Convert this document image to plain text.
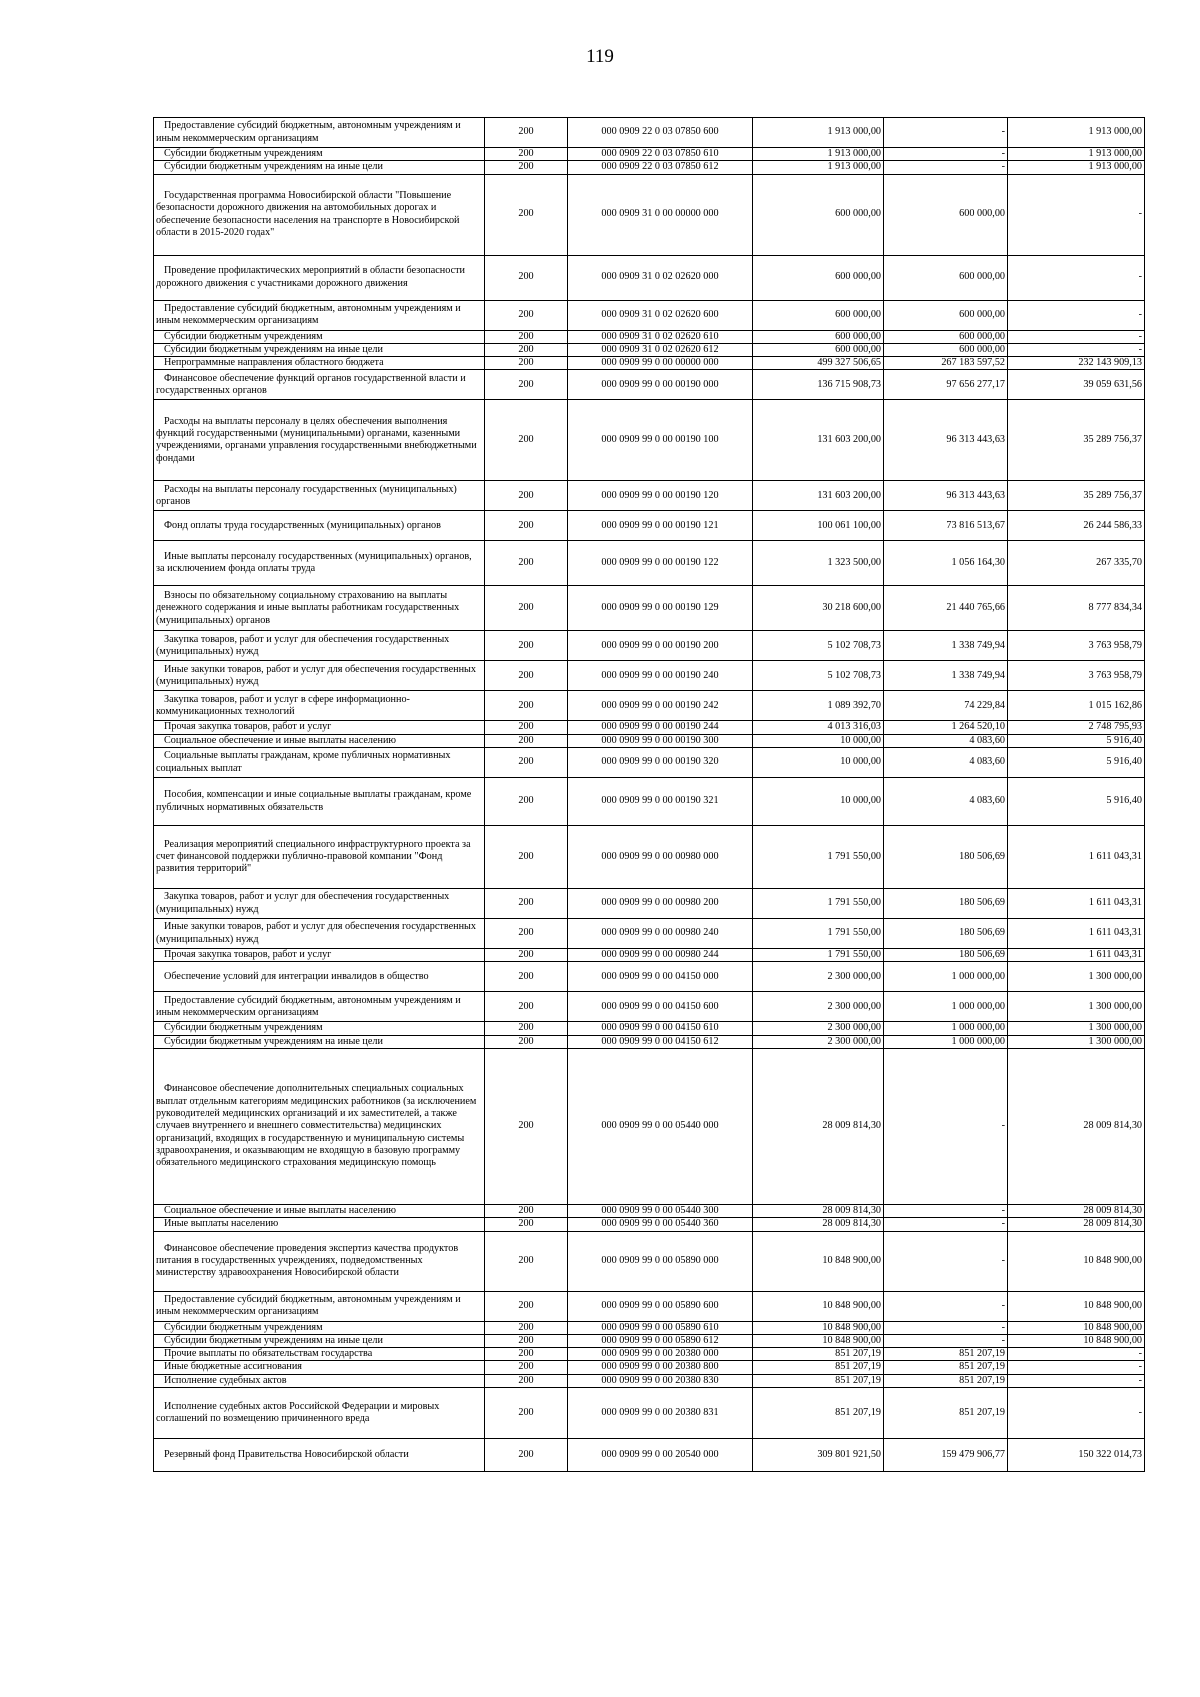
119
Предоставление субсидий бюджетным, автономным учреждениям и иным некоммерческим организациям	200	000 0909 22 0 03 07850 600	1 913 000,00	-	1 913 000,00
Субсидии бюджетным учреждениям	200	000 0909 22 0 03 07850 610	1 913 000,00	-	1 913 000,00
Субсидии бюджетным учреждениям на иные цели	200	000 0909 22 0 03 07850 612	1 913 000,00	-	1 913 000,00
Государственная программа Новосибирской области "Повышение безопасности дорожного движения на автомобильных дорогах и обеспечение безопасности населения на транспорте в Новосибирской области в 2015-2020 годах"	200	000 0909 31 0 00 00000 000	600 000,00	600 000,00	-
Проведение профилактических мероприятий в области безопасности дорожного движения с участниками дорожного движения	200	000 0909 31 0 02 02620 000	600 000,00	600 000,00	-
Предоставление субсидий бюджетным, автономным учреждениям и иным некоммерческим организациям	200	000 0909 31 0 02 02620 600	600 000,00	600 000,00	-
Субсидии бюджетным учреждениям	200	000 0909 31 0 02 02620 610	600 000,00	600 000,00	-
Субсидии бюджетным учреждениям на иные цели	200	000 0909 31 0 02 02620 612	600 000,00	600 000,00	-
Непрограммные направления областного бюджета	200	000 0909 99 0 00 00000 000	499 327 506,65	267 183 597,52	232 143 909,13
Финансовое обеспечение функций органов государственной власти и государственных органов	200	000 0909 99 0 00 00190 000	136 715 908,73	97 656 277,17	39 059 631,56
Расходы на выплаты персоналу в целях обеспечения выполнения функций государственными (муниципальными) органами, казенными учреждениями, органами управления государственными внебюджетными фондами	200	000 0909 99 0 00 00190 100	131 603 200,00	96 313 443,63	35 289 756,37
Расходы на выплаты персоналу государственных (муниципальных) органов	200	000 0909 99 0 00 00190 120	131 603 200,00	96 313 443,63	35 289 756,37
Фонд оплаты труда государственных (муниципальных) органов	200	000 0909 99 0 00 00190 121	100 061 100,00	73 816 513,67	26 244 586,33
Иные выплаты персоналу государственных (муниципальных) органов, за исключением фонда оплаты труда	200	000 0909 99 0 00 00190 122	1 323 500,00	1 056 164,30	267 335,70
Взносы по обязательному социальному страхованию на выплаты денежного содержания и иные выплаты работникам государственных (муниципальных) органов	200	000 0909 99 0 00 00190 129	30 218 600,00	21 440 765,66	8 777 834,34
Закупка товаров, работ и услуг для обеспечения государственных (муниципальных) нужд	200	000 0909 99 0 00 00190 200	5 102 708,73	1 338 749,94	3 763 958,79
Иные закупки товаров, работ и услуг для обеспечения государственных (муниципальных) нужд	200	000 0909 99 0 00 00190 240	5 102 708,73	1 338 749,94	3 763 958,79
Закупка товаров, работ и услуг в сфере информационно-коммуникационных технологий	200	000 0909 99 0 00 00190 242	1 089 392,70	74 229,84	1 015 162,86
Прочая закупка товаров, работ и услуг	200	000 0909 99 0 00 00190 244	4 013 316,03	1 264 520,10	2 748 795,93
Социальное обеспечение и иные выплаты населению	200	000 0909 99 0 00 00190 300	10 000,00	4 083,60	5 916,40
Социальные выплаты гражданам, кроме публичных нормативных социальных выплат	200	000 0909 99 0 00 00190 320	10 000,00	4 083,60	5 916,40
Пособия, компенсации и иные социальные выплаты гражданам, кроме публичных нормативных обязательств	200	000 0909 99 0 00 00190 321	10 000,00	4 083,60	5 916,40
Реализация мероприятий специального инфраструктурного проекта за счет финансовой поддержки публично-правовой компании "Фонд развития территорий"	200	000 0909 99 0 00 00980 000	1 791 550,00	180 506,69	1 611 043,31
Закупка товаров, работ и услуг для обеспечения государственных (муниципальных) нужд	200	000 0909 99 0 00 00980 200	1 791 550,00	180 506,69	1 611 043,31
Иные закупки товаров, работ и услуг для обеспечения государственных (муниципальных) нужд	200	000 0909 99 0 00 00980 240	1 791 550,00	180 506,69	1 611 043,31
Прочая закупка товаров, работ и услуг	200	000 0909 99 0 00 00980 244	1 791 550,00	180 506,69	1 611 043,31
Обеспечение условий для интеграции инвалидов в общество	200	000 0909 99 0 00 04150 000	2 300 000,00	1 000 000,00	1 300 000,00
Предоставление субсидий бюджетным, автономным учреждениям и иным некоммерческим организациям	200	000 0909 99 0 00 04150 600	2 300 000,00	1 000 000,00	1 300 000,00
Субсидии бюджетным учреждениям	200	000 0909 99 0 00 04150 610	2 300 000,00	1 000 000,00	1 300 000,00
Субсидии бюджетным учреждениям на иные цели	200	000 0909 99 0 00 04150 612	2 300 000,00	1 000 000,00	1 300 000,00
Финансовое обеспечение дополнительных специальных социальных выплат отдельным категориям медицинских работников (за исключением руководителей медицинских организаций и их заместителей, а также случаев внутреннего и внешнего совместительства) медицинских организаций, входящих в государственную и муниципальную системы здравоохранения, и оказывающим не входящую в базовую программу обязательного медицинского страхования медицинскую помощь	200	000 0909 99 0 00 05440 000	28 009 814,30	-	28 009 814,30
Социальное обеспечение и иные выплаты населению	200	000 0909 99 0 00 05440 300	28 009 814,30	-	28 009 814,30
Иные выплаты населению	200	000 0909 99 0 00 05440 360	28 009 814,30	-	28 009 814,30
Финансовое обеспечение проведения экспертиз качества продуктов питания в государственных учреждениях, подведомственных министерству здравоохранения Новосибирской области	200	000 0909 99 0 00 05890 000	10 848 900,00	-	10 848 900,00
Предоставление субсидий бюджетным, автономным учреждениям и иным некоммерческим организациям	200	000 0909 99 0 00 05890 600	10 848 900,00	-	10 848 900,00
Субсидии бюджетным учреждениям	200	000 0909 99 0 00 05890 610	10 848 900,00	-	10 848 900,00
Субсидии бюджетным учреждениям на иные цели	200	000 0909 99 0 00 05890 612	10 848 900,00	-	10 848 900,00
Прочие выплаты по обязательствам государства	200	000 0909 99 0 00 20380 000	851 207,19	851 207,19	-
Иные бюджетные ассигнования	200	000 0909 99 0 00 20380 800	851 207,19	851 207,19	-
Исполнение судебных актов	200	000 0909 99 0 00 20380 830	851 207,19	851 207,19	-
Исполнение судебных актов Российской Федерации и мировых соглашений по возмещению причиненного вреда	200	000 0909 99 0 00 20380 831	851 207,19	851 207,19	-
Резервный фонд Правительства Новосибирской области	200	000 0909 99 0 00 20540 000	309 801 921,50	159 479 906,77	150 322 014,73
